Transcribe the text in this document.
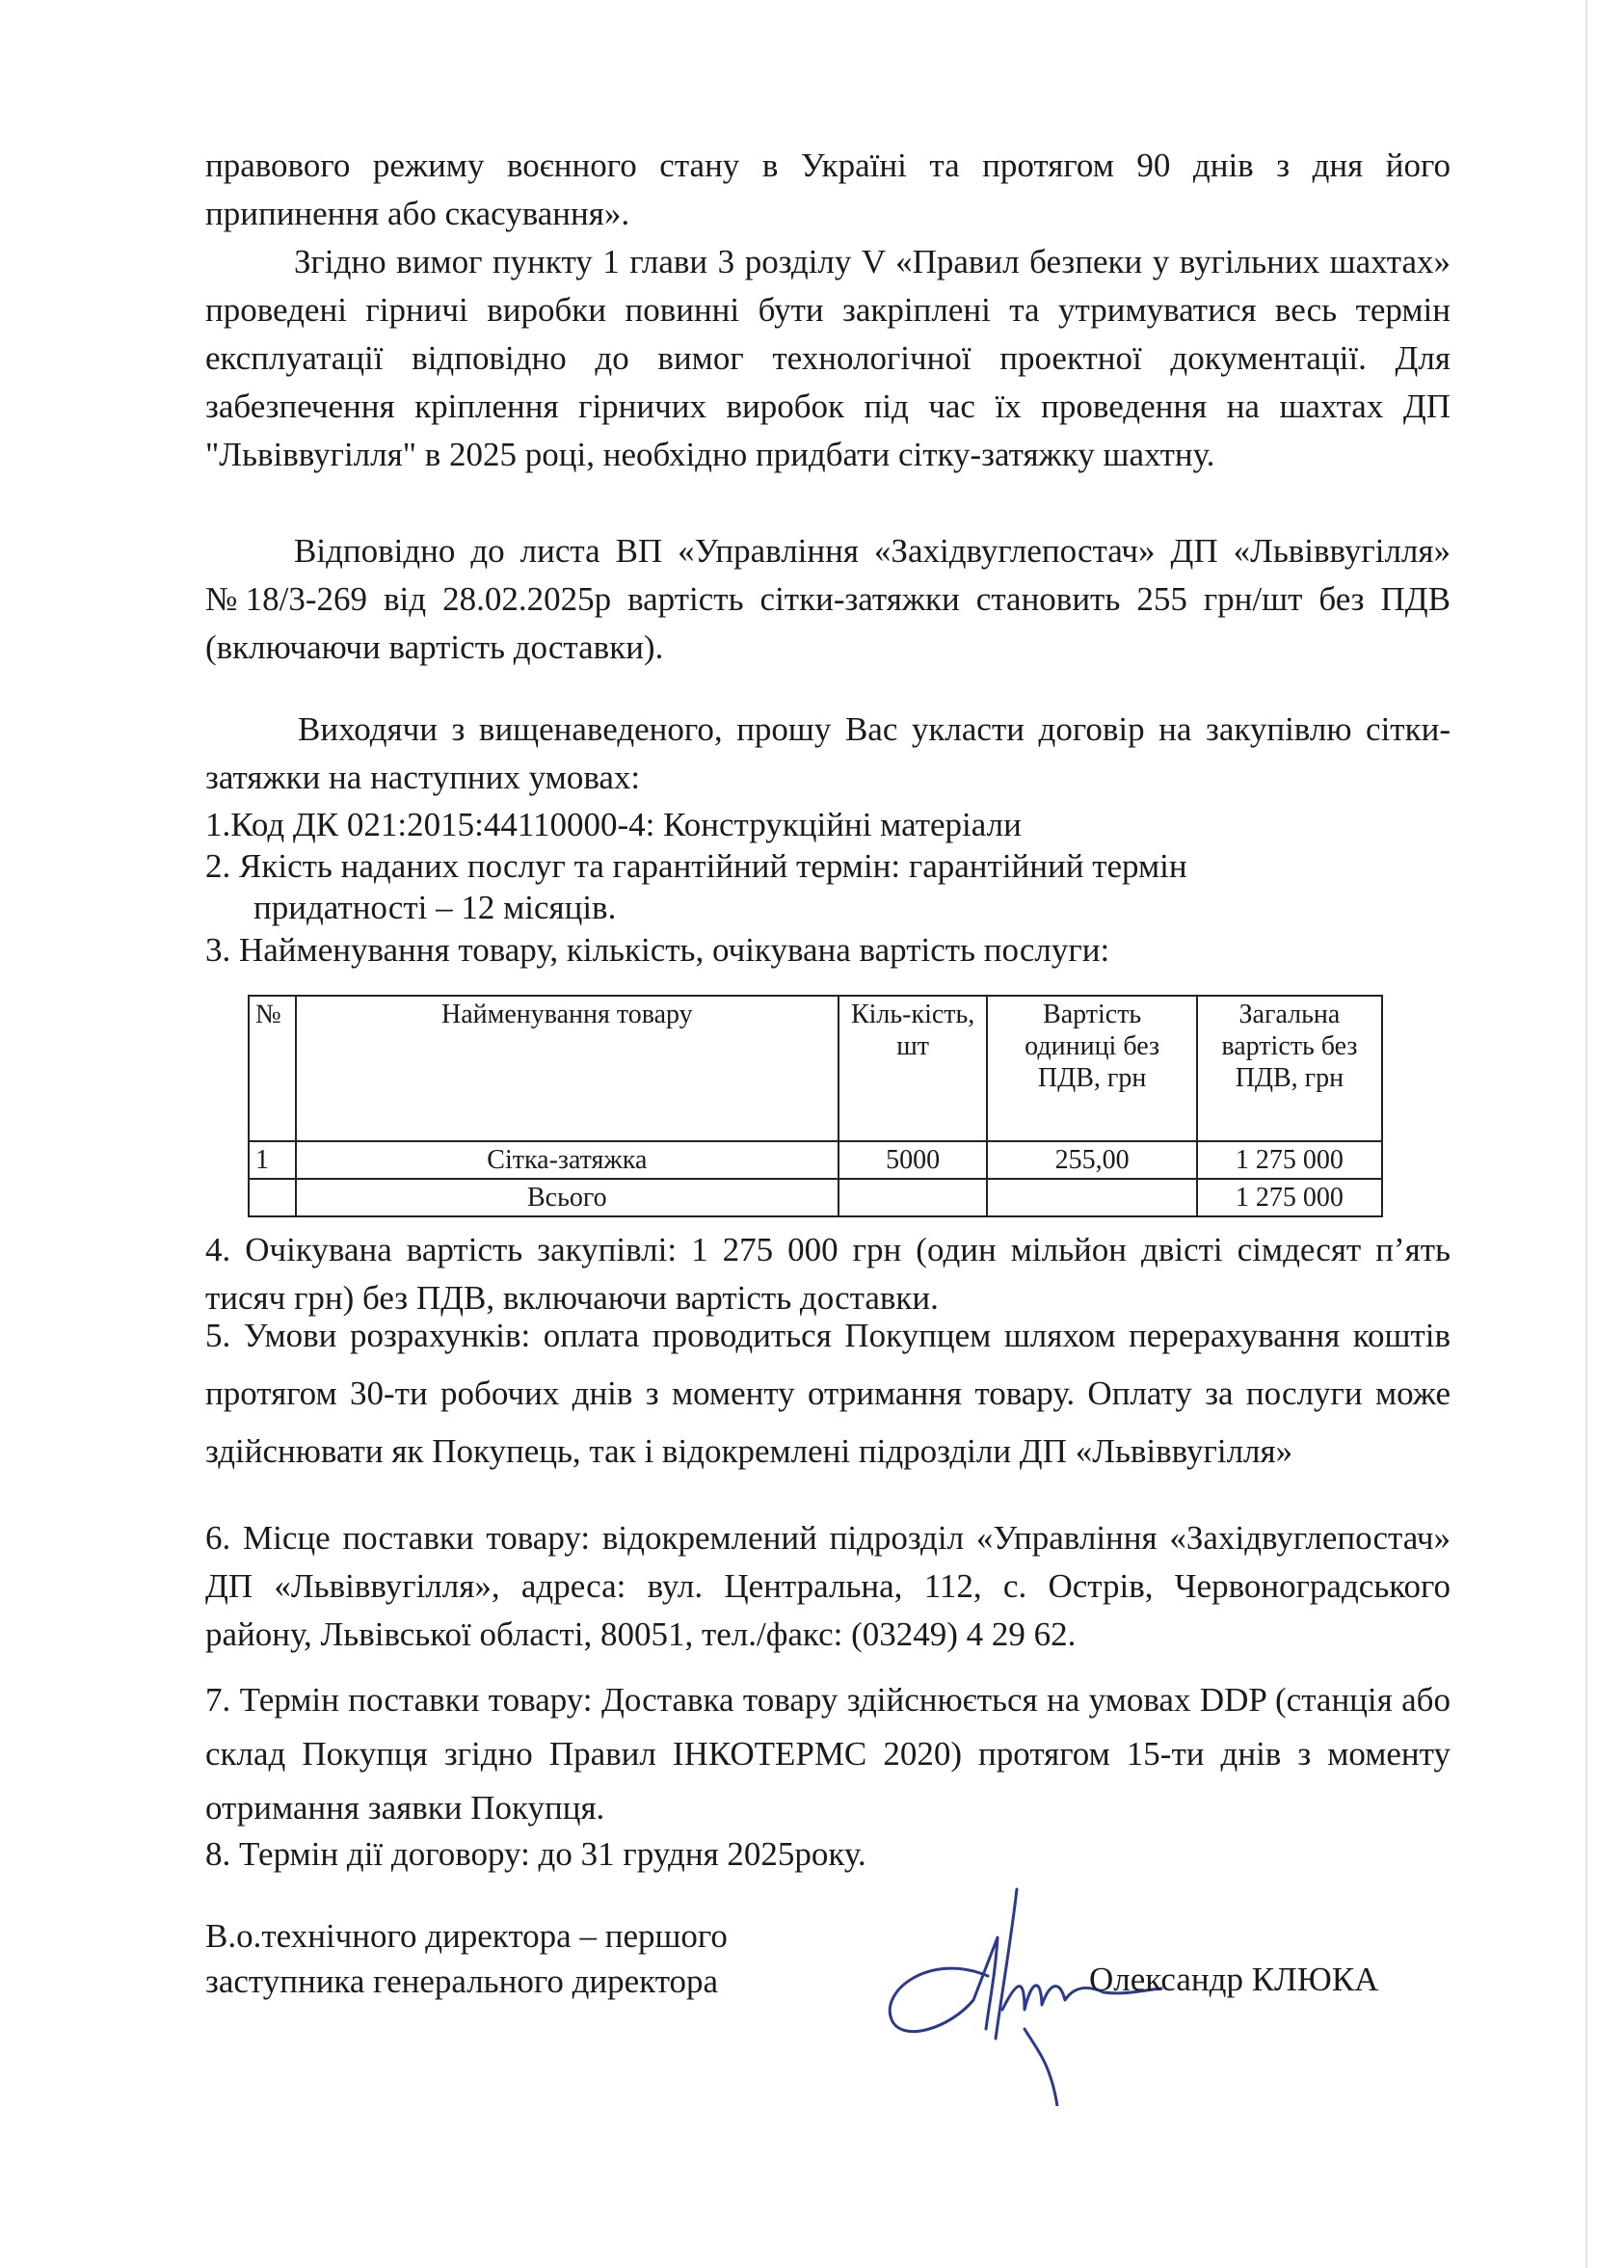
правового режиму воєнного стану в Україні та протягом 90 днів з дня його припинення або скасування».

Згідно вимог пункту 1 глави 3 розділу V «Правил безпеки у вугільних шахтах» проведені гірничі виробки повинні бути закріплені та утримуватися весь термін експлуатації відповідно до вимог технологічної проектної документації. Для забезпечення кріплення гірничих виробок під час їх проведення на шахтах ДП "Львіввугілля" в 2025 році, необхідно придбати сітку-затяжку шахтну.

Відповідно до листа ВП «Управління «Західвуглепостач» ДП «Львіввугілля» №18/3-269 від 28.02.2025р вартість сітки-затяжки становить 255 грн/шт без ПДВ (включаючи вартість доставки).

Виходячи з вищенаведеного, прошу Вас укласти договір на закупівлю сітки-затяжки на наступних умовах:

1.Код ДК 021:2015:44110000-4: Конструкційні матеріали

2. Якість наданих послуг та гарантійний термін: гарантійний термін

придатності – 12 місяців.

3. Найменування товару, кількість, очікувана вартість послуги:

№	Найменування товару	Кіль-кість, шт	Вартість одиниці без ПДВ, грн	Загальна вартість без ПДВ, грн
1	Сітка-затяжка	5000	255,00	1 275 000
	Всього			1 275 000

4. Очікувана вартість закупівлі: 1 275 000 грн (один мільйон двісті сімдесят п’ять тисяч грн) без ПДВ, включаючи вартість доставки.

5. Умови розрахунків: оплата проводиться Покупцем шляхом перерахування коштів протягом 30-ти робочих днів з моменту отримання товару. Оплату за послуги може здійснювати як Покупець, так і відокремлені підрозділи ДП «Львіввугілля»

6. Місце поставки товару: відокремлений підрозділ «Управління «Західвуглепостач» ДП «Львіввугілля», адреса: вул. Центральна, 112, с. Острів, Червоноградського району, Львівської області, 80051, тел./факс: (03249) 4 29 62.

7. Термін поставки товару: Доставка товару здійснюється на умовах DDP (станція або склад Покупця згідно Правил ІНКОТЕРМС 2020) протягом 15-ти днів з моменту отримання заявки Покупця.

8. Термін дії договору: до 31 грудня 2025року.

В.о.технічного директора – першого
заступника генерального директора	Олександр КЛЮКА
